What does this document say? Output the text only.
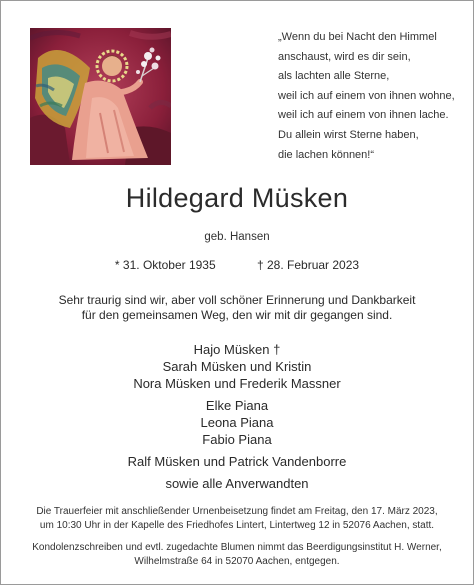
„Wenn du bei Nacht den Himmel
anschaust, wird es dir sein,
als lachten alle Sterne,
weil ich auf einem von ihnen wohne,
weil ich auf einem von ihnen lache.
Du allein wirst Sterne haben,
die lachen können!“
Hildegard Müsken
geb. Hansen
* 31. Oktober 1935	† 28. Februar 2023
Sehr traurig sind wir, aber voll schöner Erinnerung und Dankbarkeit
für den gemeinsamen Weg, den wir mit dir gegangen sind.
Hajo Müsken †
Sarah Müsken und Kristin
Nora Müsken und Frederik Massner
Elke Piana
Leona Piana
Fabio Piana
Ralf Müsken und Patrick Vandenborre
sowie alle Anverwandten
Die Trauerfeier mit anschließender Urnenbeisetzung findet am Freitag, den 17. März 2023,
um 10:30 Uhr in der Kapelle des Friedhofes Lintert, Lintertweg 12 in 52076 Aachen, statt.
Kondolenzschreiben und evtl. zugedachte Blumen nimmt das Beerdigungsinstitut H. Werner,
Wilhelmstraße 64 in 52070 Aachen, entgegen.
